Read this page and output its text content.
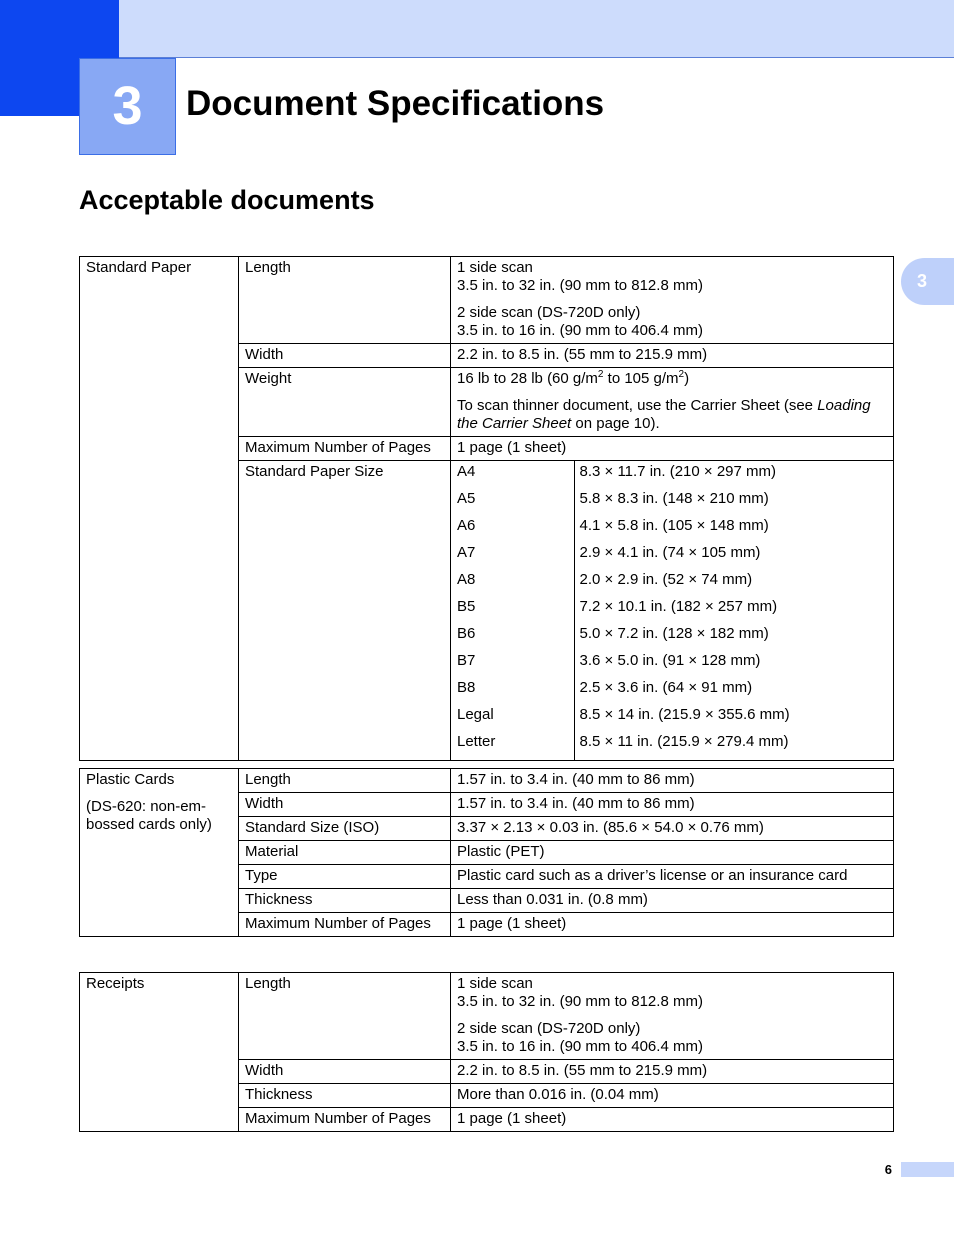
3	Document Specifications
Acceptable documents
3
Standard Paper	Length	1 side scan
3.5 in. to 32 in. (90 mm to 812.8 mm)
2 side scan (DS-720D only)
3.5 in. to 16 in. (90 mm to 406.4 mm)

	Width	2.2 in. to 8.5 in. (55 mm to 215.9 mm)
	Weight	16 lb to 28 lb (60 $g/m^2$ to 105 $g/m^2$)
To scan thinner document, use the Carrier Sheet (see Loading the Carrier Sheet on page 10).

	Maximum Number of Pages	1 page (1 sheet)
	Standard Paper Size		A4	8.3 × 11.7 in. (210 × 297 mm)
A5	5.8 × 8.3 in. (148 × 210 mm)
A6	4.1 × 5.8 in. (105 × 148 mm)
A7	2.9 × 4.1 in. (74 × 105 mm)
A8	2.0 × 2.9 in. (52 × 74 mm)
B5	7.2 × 10.1 in. (182 × 257 mm)
B6	5.0 × 7.2 in. (128 × 182 mm)
B7	3.6 × 5.0 in. (91 × 128 mm)
B8	2.5 × 3.6 in. (64 × 91 mm)
Legal	8.5 × 14 in. (215.9 × 355.6 mm)
Letter	8.5 × 11 in. (215.9 × 279.4 mm)
Plastic Cards
(DS-620: non-em-bossed cards only)	Length	1.57 in. to 3.4 in. (40 mm to 86 mm)
	Width	1.57 in. to 3.4 in. (40 mm to 86 mm)
	Standard Size (ISO)	3.37 × 2.13 × 0.03 in. (85.6 × 54.0 × 0.76 mm)
	Material	Plastic (PET)
	Type	Plastic card such as a driver’s license or an insurance card
	Thickness	Less than 0.031 in. (0.8 mm)
	Maximum Number of Pages	1 page (1 sheet)
Receipts	Length	1 side scan
3.5 in. to 32 in. (90 mm to 812.8 mm)
2 side scan (DS-720D only)
3.5 in. to 16 in. (90 mm to 406.4 mm)

	Width	2.2 in. to 8.5 in. (55 mm to 215.9 mm)
	Thickness	More than 0.016 in. (0.04 mm)
	Maximum Number of Pages	1 page (1 sheet)
6
